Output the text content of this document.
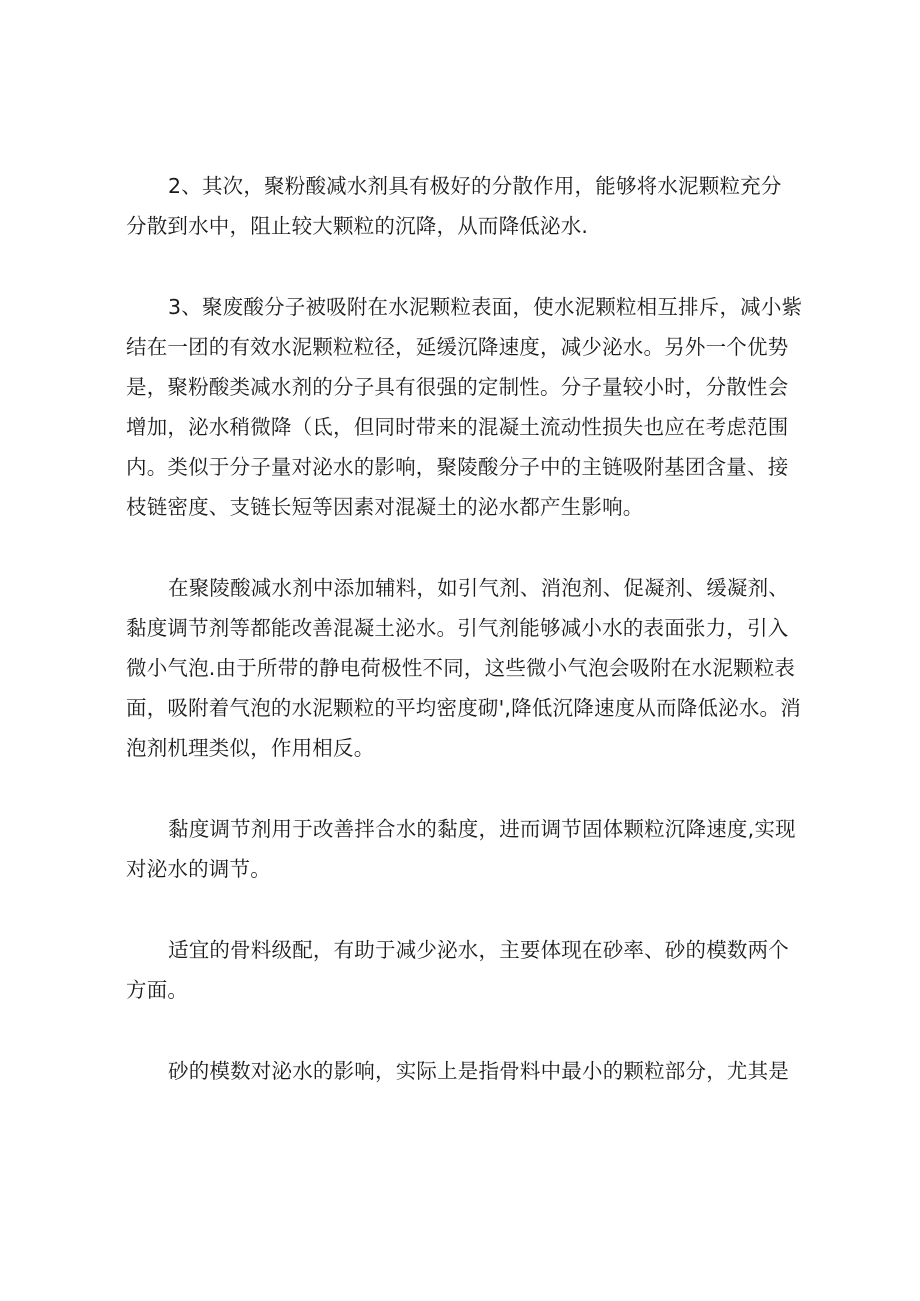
2、其次，聚粉酸减水剂具有极好的分散作用，能够将水泥颗粒充分
分散到水中，阻止较大颗粒的沉降，从而降低泌水.
3、聚废酸分子被吸附在水泥颗粒表面，使水泥颗粒相互排斥，减小紫
结在一团的有效水泥颗粒粒径，延缓沉降速度，减少泌水。另外一个优势
是，聚粉酸类减水剂的分子具有很强的定制性。分子量较小时，分散性会
增加，泌水稍微降（氐，但同时带来的混凝土流动性损失也应在考虑范围
内。类似于分子量对泌水的影响，聚陵酸分子中的主链吸附基团含量、接
枝链密度、支链长短等因素对混凝土的泌水都产生影响。
在聚陵酸减水剂中添加辅料，如引气剂、消泡剂、促凝剂、缓凝剂、
黏度调节剂等都能改善混凝土泌水。引气剂能够减小水的表面张力，引入
微小气泡.由于所带的静电荷极性不同，这些微小气泡会吸附在水泥颗粒表
面，吸附着气泡的水泥颗粒的平均密度砌',降低沉降速度从而降低泌水。消
泡剂机理类似，作用相反。
黏度调节剂用于改善拌合水的黏度，进而调节固体颗粒沉降速度,实现
对泌水的调节。
适宜的骨料级配，有助于减少泌水，主要体现在砂率、砂的模数两个
方面。
砂的模数对泌水的影响，实际上是指骨料中最小的颗粒部分，尤其是
